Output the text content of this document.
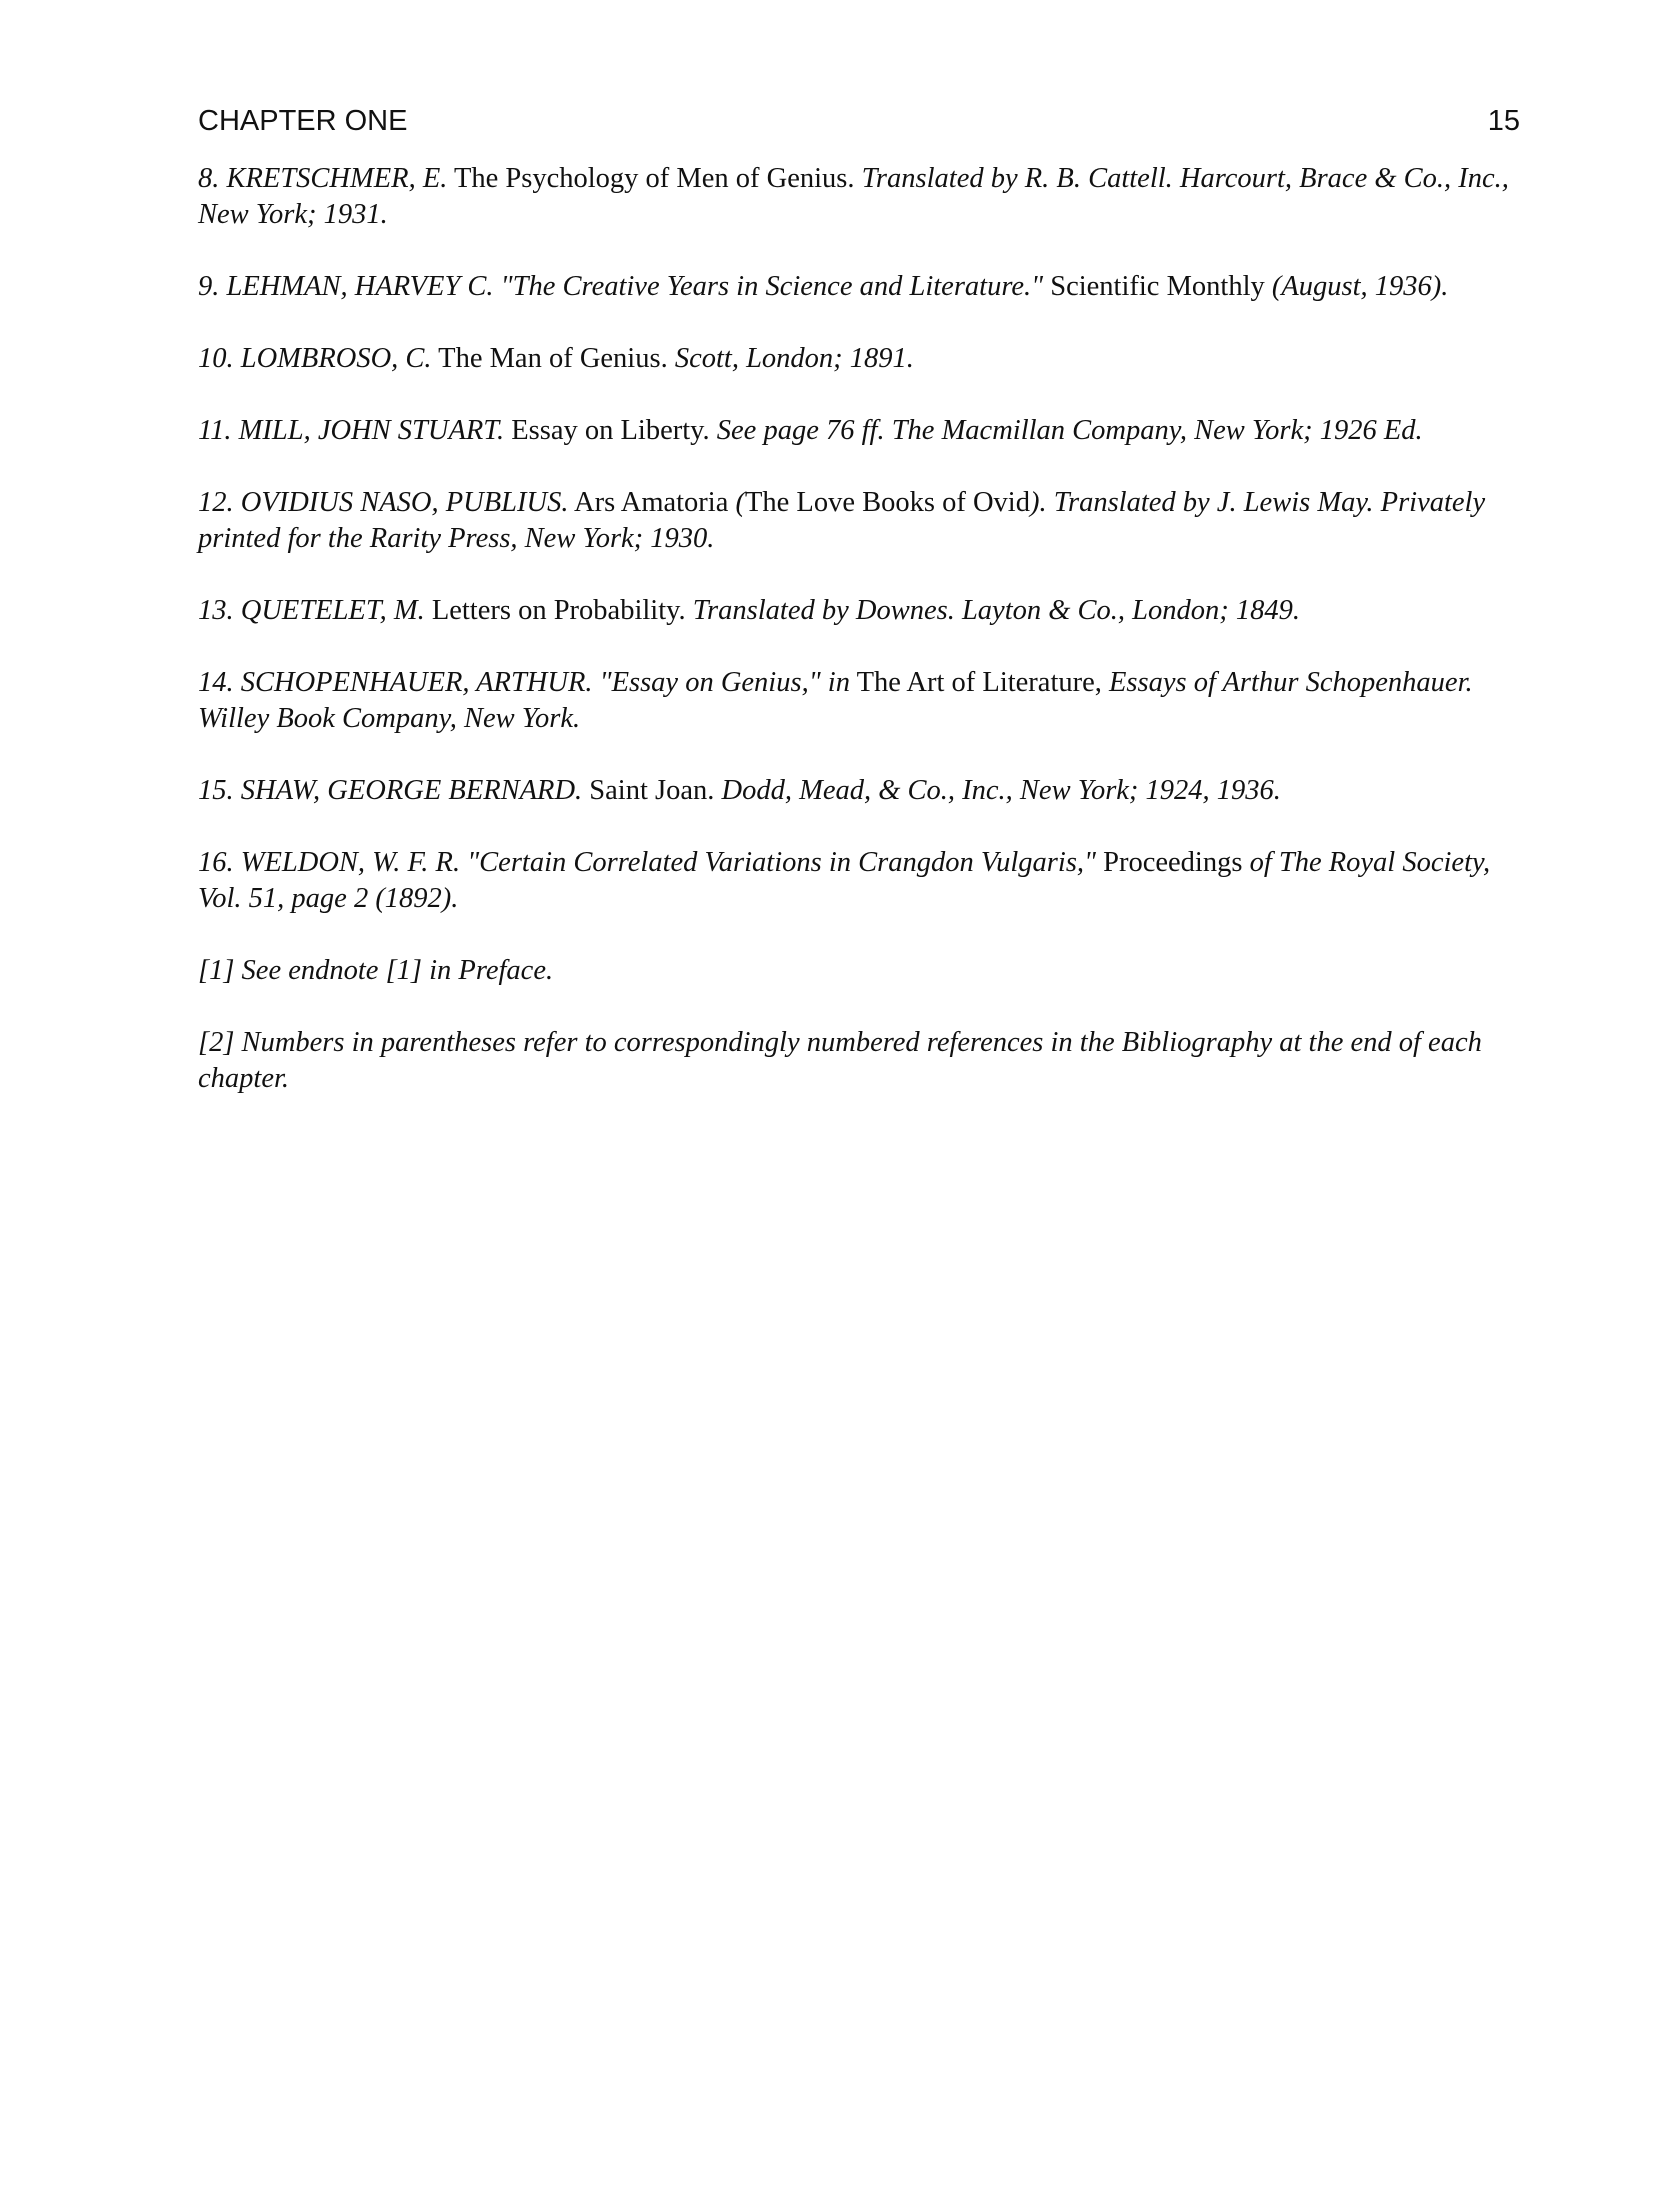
CHAPTER ONE	15

8. KRETSCHMER, E. The Psychology of Men of Genius. Translated by R. B. Cattell. Harcourt, Brace & Co., Inc., New York; 1931.

9. LEHMAN, HARVEY C. "The Creative Years in Science and Literature." Scientific Monthly (August, 1936).

10. LOMBROSO, C. The Man of Genius. Scott, London; 1891.

11. MILL, JOHN STUART. Essay on Liberty. See page 76 ff. The Macmillan Company, New York; 1926 Ed.

12. OVIDIUS NASO, PUBLIUS. Ars Amatoria (The Love Books of Ovid). Translated by J. Lewis May. Privately printed for the Rarity Press, New York; 1930.

13. QUETELET, M. Letters on Probability. Translated by Downes. Layton & Co., London; 1849.

14. SCHOPENHAUER, ARTHUR. "Essay on Genius," in The Art of Literature, Essays of Arthur Schopenhauer. Willey Book Company, New York.

15. SHAW, GEORGE BERNARD. Saint Joan. Dodd, Mead, & Co., Inc., New York; 1924, 1936.

16. WELDON, W. F. R. "Certain Correlated Variations in Crangdon Vulgaris," Proceedings of The Royal Society, Vol. 51, page 2 (1892).

[1] See endnote [1] in Preface.

[2] Numbers in parentheses refer to correspondingly numbered references in the Bibliography at the end of each chapter.
